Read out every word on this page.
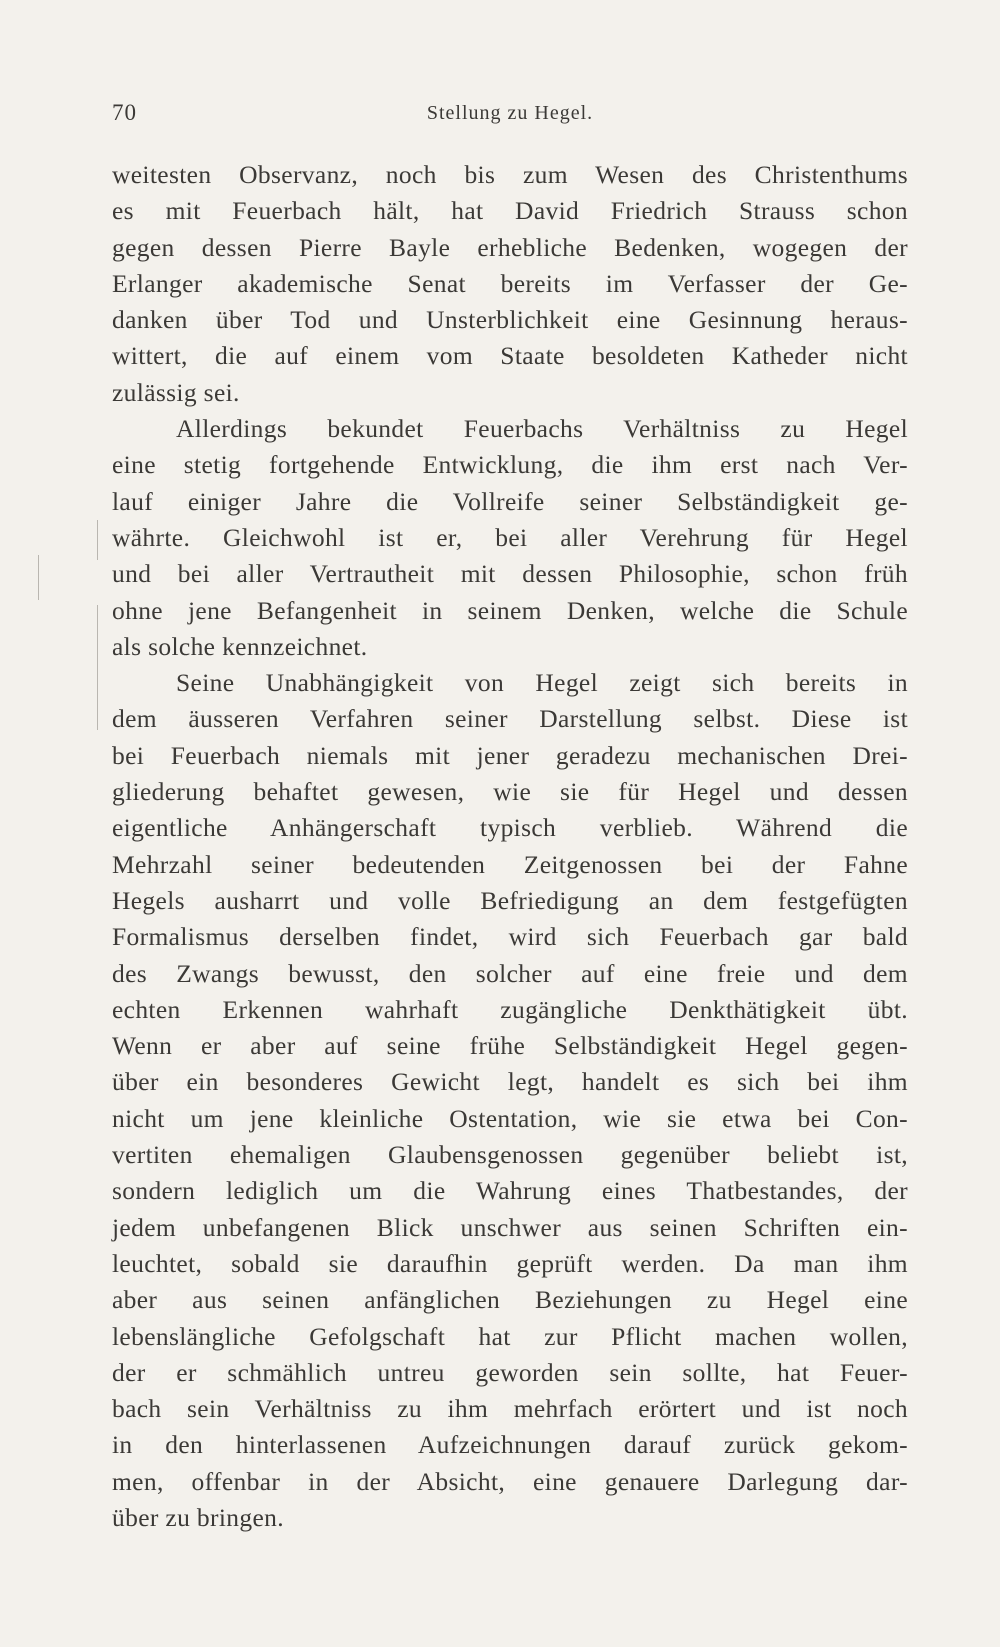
70	Stellung zu Hegel.
weitesten Observanz, noch bis zum Wesen des Christenthums
es mit Feuerbach hält, hat David Friedrich Strauss schon
gegen dessen Pierre Bayle erhebliche Bedenken, wogegen der
Erlanger akademische Senat bereits im Verfasser der Ge-
danken über Tod und Unsterblichkeit eine Gesinnung heraus-
wittert, die auf einem vom Staate besoldeten Katheder nicht
zulässig sei.
Allerdings bekundet Feuerbachs Verhältniss zu Hegel
eine stetig fortgehende Entwicklung, die ihm erst nach Ver-
lauf einiger Jahre die Vollreife seiner Selbständigkeit ge-
währte. Gleichwohl ist er, bei aller Verehrung für Hegel
und bei aller Vertrautheit mit dessen Philosophie, schon früh
ohne jene Befangenheit in seinem Denken, welche die Schule
als solche kennzeichnet.
Seine Unabhängigkeit von Hegel zeigt sich bereits in
dem äusseren Verfahren seiner Darstellung selbst. Diese ist
bei Feuerbach niemals mit jener geradezu mechanischen Drei-
gliederung behaftet gewesen, wie sie für Hegel und dessen
eigentliche Anhängerschaft typisch verblieb. Während die
Mehrzahl seiner bedeutenden Zeitgenossen bei der Fahne
Hegels ausharrt und volle Befriedigung an dem festgefügten
Formalismus derselben findet, wird sich Feuerbach gar bald
des Zwangs bewusst, den solcher auf eine freie und dem
echten Erkennen wahrhaft zugängliche Denkthätigkeit übt.
Wenn er aber auf seine frühe Selbständigkeit Hegel gegen-
über ein besonderes Gewicht legt, handelt es sich bei ihm
nicht um jene kleinliche Ostentation, wie sie etwa bei Con-
vertiten ehemaligen Glaubensgenossen gegenüber beliebt ist,
sondern lediglich um die Wahrung eines Thatbestandes, der
jedem unbefangenen Blick unschwer aus seinen Schriften ein-
leuchtet, sobald sie daraufhin geprüft werden. Da man ihm
aber aus seinen anfänglichen Beziehungen zu Hegel eine
lebenslängliche Gefolgschaft hat zur Pflicht machen wollen,
der er schmählich untreu geworden sein sollte, hat Feuer-
bach sein Verhältniss zu ihm mehrfach erörtert und ist noch
in den hinterlassenen Aufzeichnungen darauf zurück gekom-
men, offenbar in der Absicht, eine genauere Darlegung dar-
über zu bringen.
